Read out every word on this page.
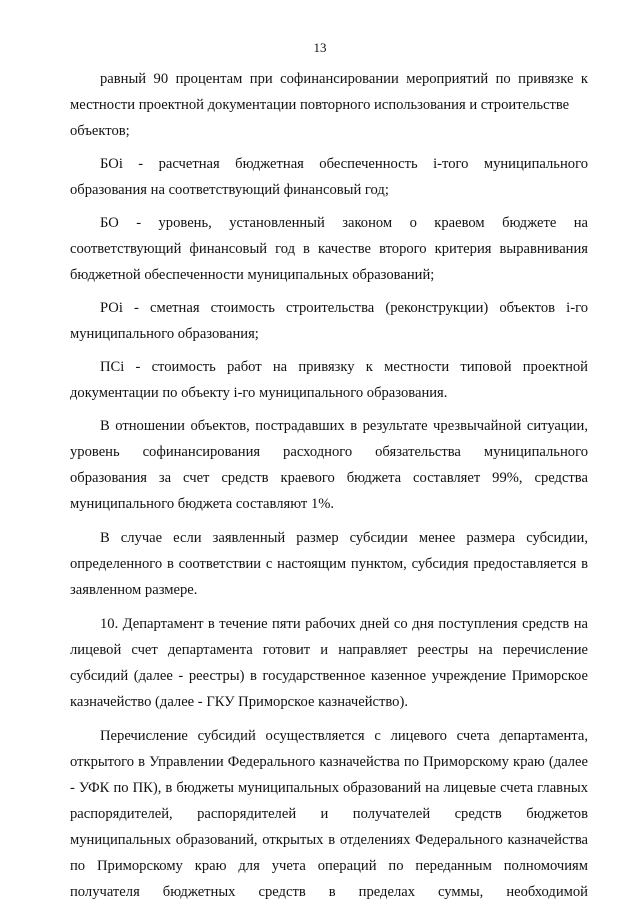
13

равный 90 процентам при софинансировании мероприятий по привязке к местности проектной документации повторного использования и строительстве
объектов;

БОi - расчетная бюджетная обеспеченность i-того муниципального образования на соответствующий финансовый год;

БО - уровень, установленный законом о краевом бюджете на соответствующий финансовый год в качестве второго критерия выравнивания бюджетной обеспеченности муниципальных образований;

РОi - сметная стоимость строительства (реконструкции) объектов i-го муниципального образования;

ПСi - стоимость работ на привязку к местности типовой проектной документации по объекту i-го муниципального образования.

В отношении объектов, пострадавших в результате чрезвычайной ситуации, уровень софинансирования расходного обязательства муниципального образования за счет средств краевого бюджета составляет 99%, средства муниципального бюджета составляют 1%.

В случае если заявленный размер субсидии менее размера субсидии, определенного в соответствии с настоящим пунктом, субсидия предоставляется в заявленном размере.

10. Департамент в течение пяти рабочих дней со дня поступления средств на лицевой счет департамента готовит и направляет реестры на перечисление субсидий (далее - реестры) в государственное казенное учреждение Приморское казначейство (далее - ГКУ Приморское казначейство).

Перечисление субсидий осуществляется с лицевого счета департамента, открытого в Управлении Федерального казначейства по Приморскому краю (далее - УФК по ПК), в бюджеты муниципальных образований на лицевые счета главных распорядителей, распорядителей и получателей средств бюджетов муниципальных образований, открытых в отделениях Федерального казначейства по Приморскому краю для учета операций по переданным полномочиям получателя бюджетных средств в пределах суммы, необходимой
